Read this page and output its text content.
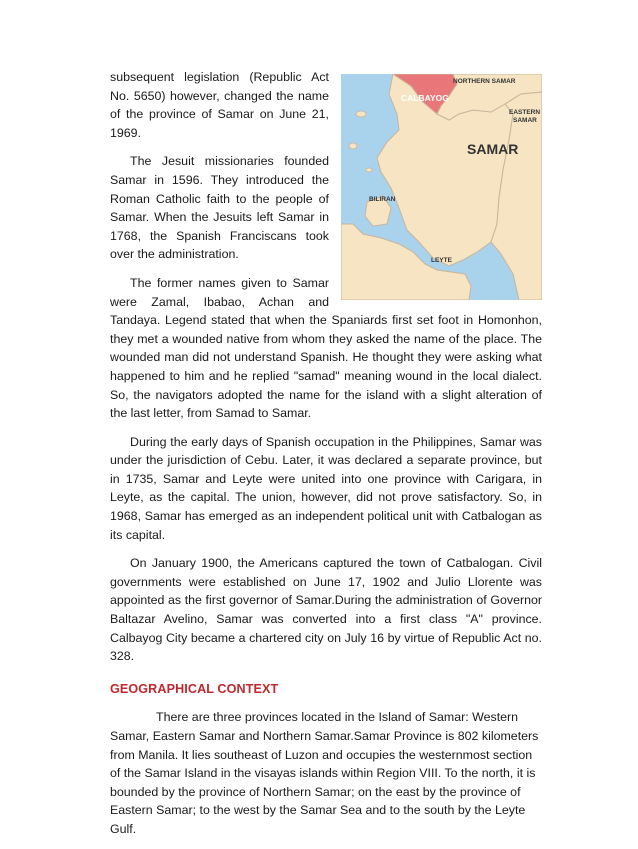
NORTHERN SAMAR
CALBAYOG
EASTERN
SAMAR
SAMAR
BILIRAN
LEYTE

subsequent legislation (Republic Act No. 5650) however, changed the name of the province of Samar on June 21, 1969.

The Jesuit missionaries founded Samar in 1596. They introduced the Roman Catholic faith to the people of Samar. When the Jesuits left Samar in 1768, the Spanish Franciscans took over the administration.

The former names given to Samar were Zamal, Ibabao, Achan and Tandaya. Legend stated that when the Spaniards first set foot in Homonhon, they met a wounded native from whom they asked the name of the place. The wounded man did not understand Spanish. He thought they were asking what happened to him and he replied "samad" meaning wound in the local dialect. So, the navigators adopted the name for the island with a slight alteration of the last letter, from Samad to Samar.

During the early days of Spanish occupation in the Philippines, Samar was under the jurisdiction of Cebu. Later, it was declared a separate province, but in 1735, Samar and Leyte were united into one province with Carigara, in Leyte, as the capital. The union, however, did not prove satisfactory. So, in 1968, Samar has emerged as an independent political unit with Catbalogan as its capital.

On January 1900, the Americans captured the town of Catbalogan. Civil governments were established on June 17, 1902 and Julio Llorente was appointed as the first governor of Samar.During the administration of Governor Baltazar Avelino, Samar was converted into a first class "A" province. Calbayog City became a chartered city on July 16 by virtue of Republic Act no. 328.

GEOGRAPHICAL CONTEXT

There are three provinces located in the Island of Samar: Western Samar, Eastern Samar and Northern Samar.Samar Province is 802 kilometers from Manila. It lies southeast of Luzon and occupies the westernmost section of the Samar Island in the visayas islands within Region VIII. To the north, it is bounded by the province of Northern Samar; on the east by the province of Eastern Samar; to the west by the Samar Sea and to the south by the Leyte Gulf.
